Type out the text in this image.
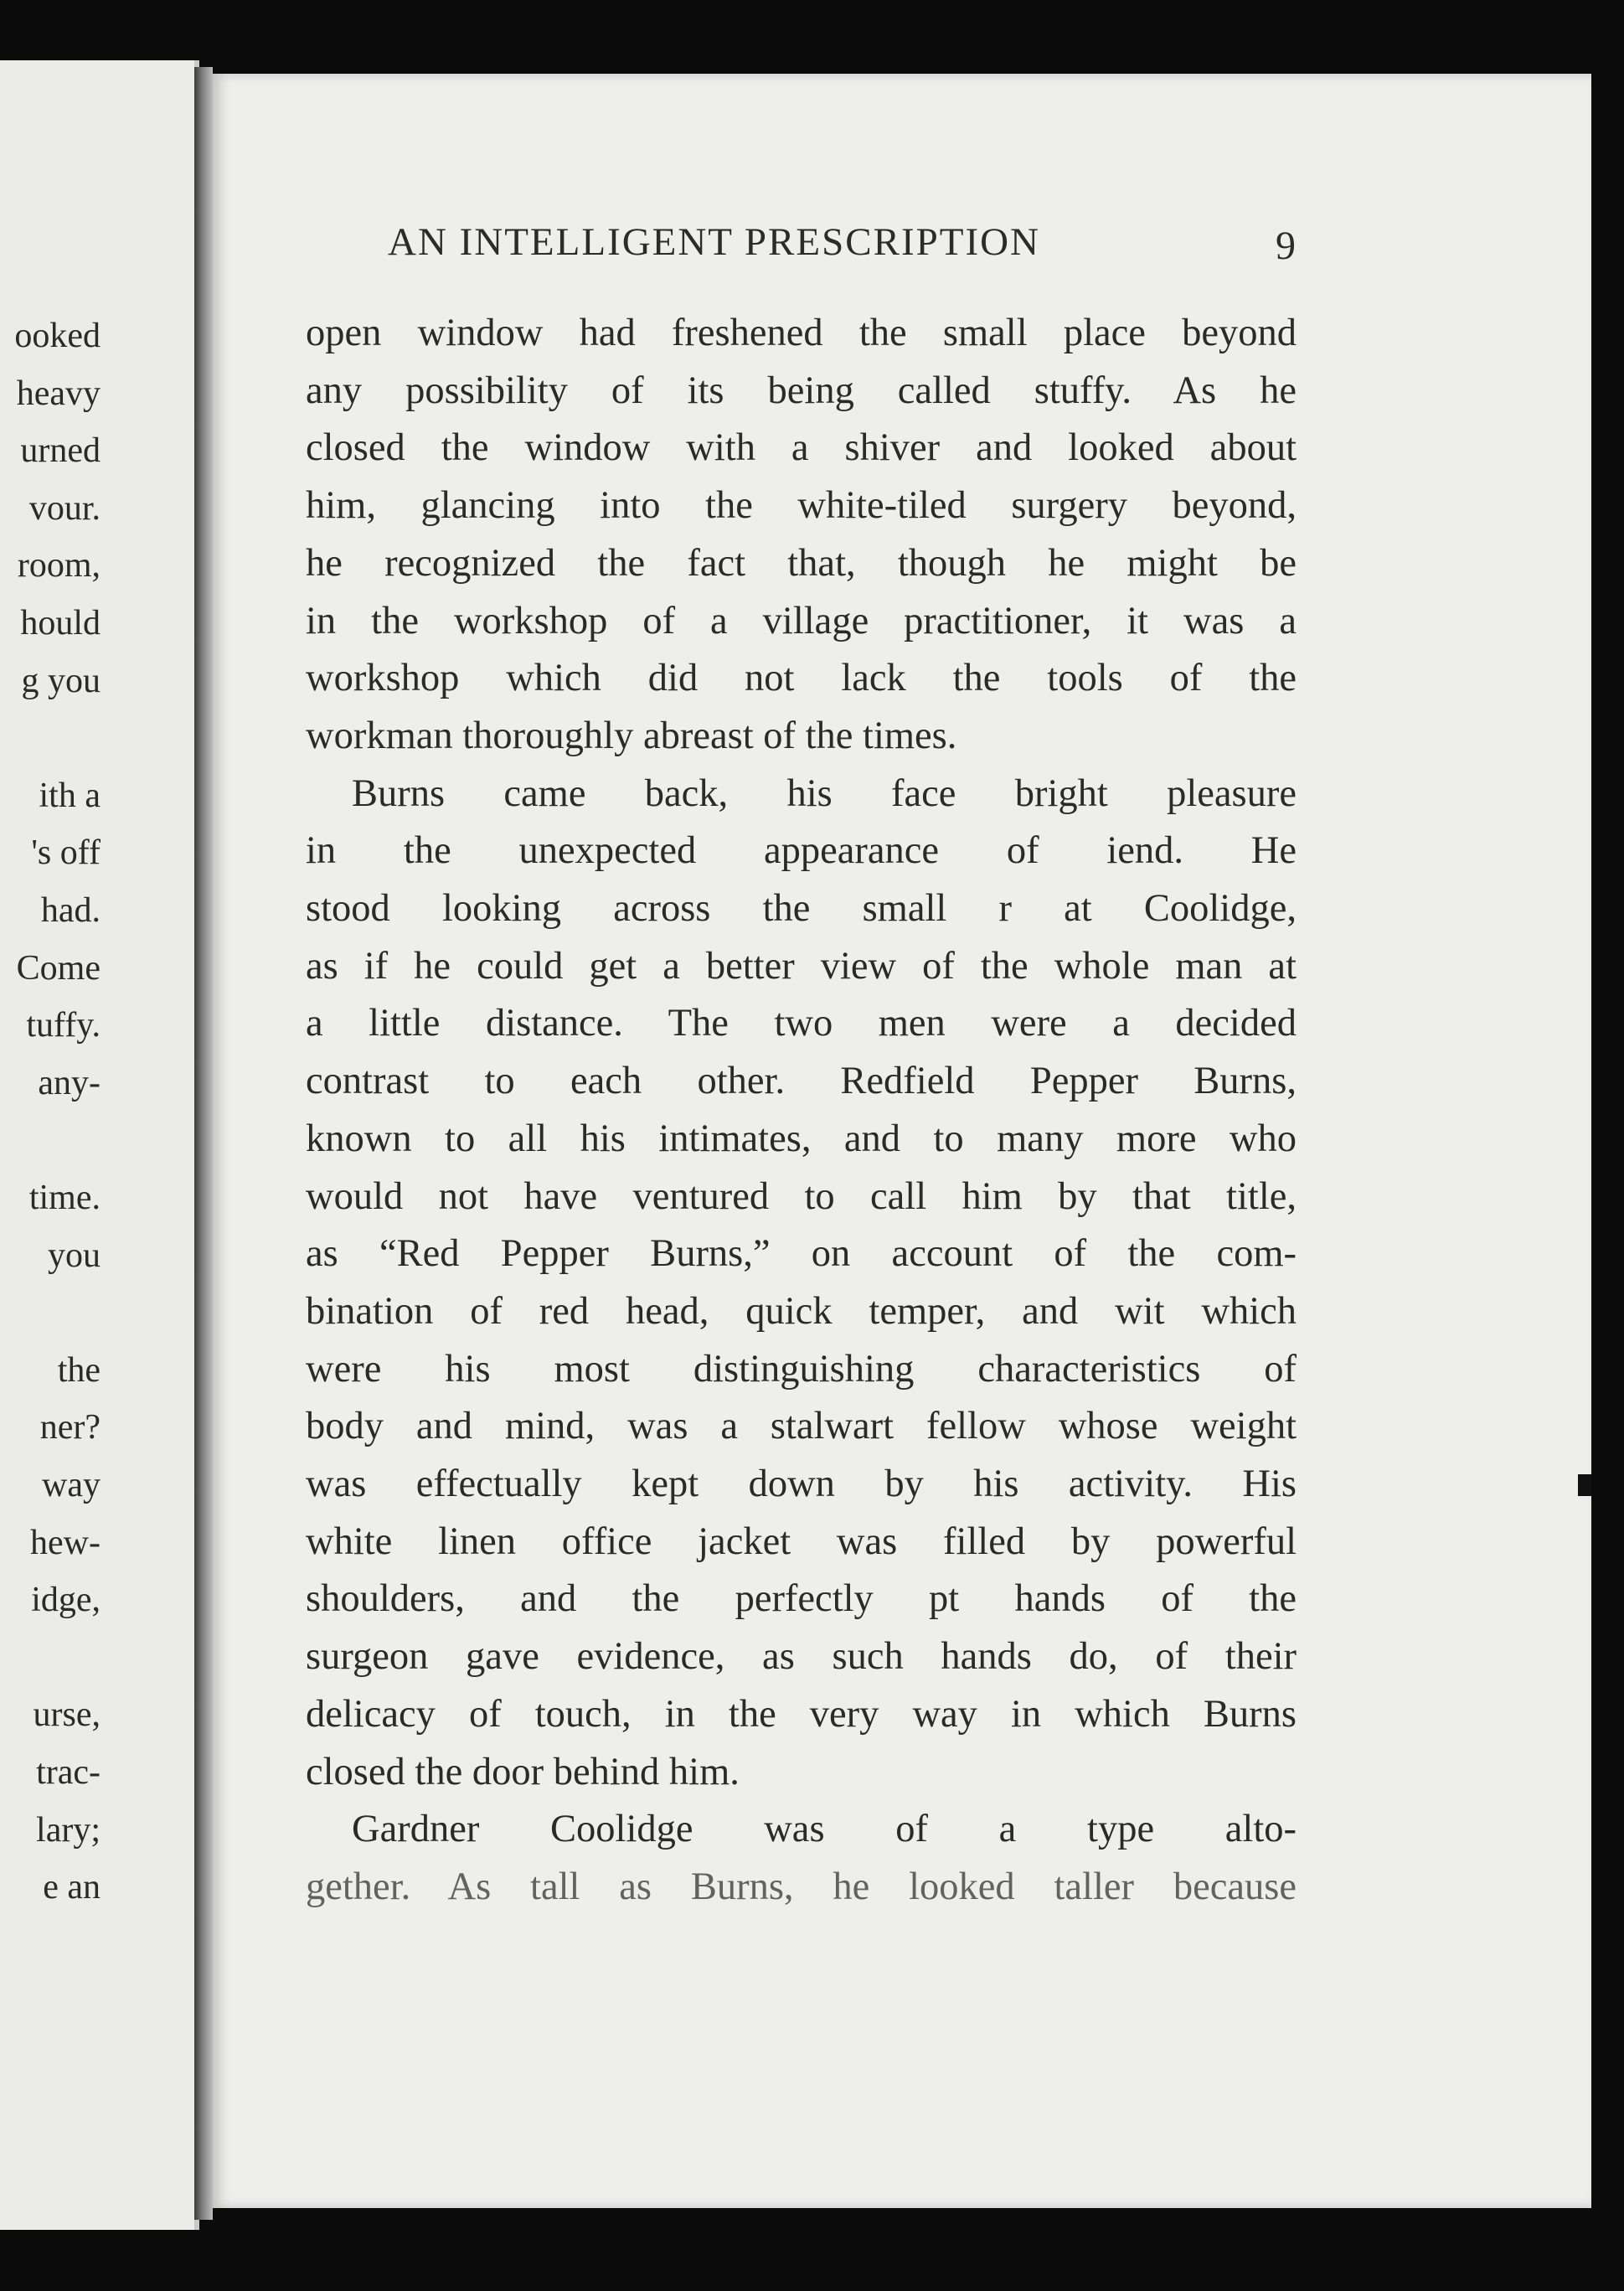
ooked
heavy
urned
vour.
room,
hould
g you
ith a
's off
had.
Come
tuffy.
any-
time.
you
the
ner?
way
hew-
idge,
urse,
trac-
lary;
e an
AN INTELLIGENT PRESCRIPTION	9
open window had freshened the small place beyond
any possibility of its being called stuffy. As he
closed the window with a shiver and looked about
him, glancing into the white-tiled surgery beyond,
he recognized the fact that, though he might be
in the workshop of a village practitioner, it was a
workshop which did not lack the tools of the
workman thoroughly abreast of the times.
Burns came back, his face bright pleasure
in the unexpected appearance of iend. He
stood looking across the small r at Coolidge,
as if he could get a better view of the whole man at
a little distance. The two men were a decided
contrast to each other. Redfield Pepper Burns,
known to all his intimates, and to many more who
would not have ventured to call him by that title,
as “Red Pepper Burns,” on account of the com-
bination of red head, quick temper, and wit which
were his most distinguishing characteristics of
body and mind, was a stalwart fellow whose weight
was effectually kept down by his activity. His
white linen office jacket was filled by powerful
shoulders, and the perfectly pt hands of the
surgeon gave evidence, as such hands do, of their
delicacy of touch, in the very way in which Burns
closed the door behind him.
Gardner Coolidge was of a type alto-
gether. As tall as Burns, he looked taller because
